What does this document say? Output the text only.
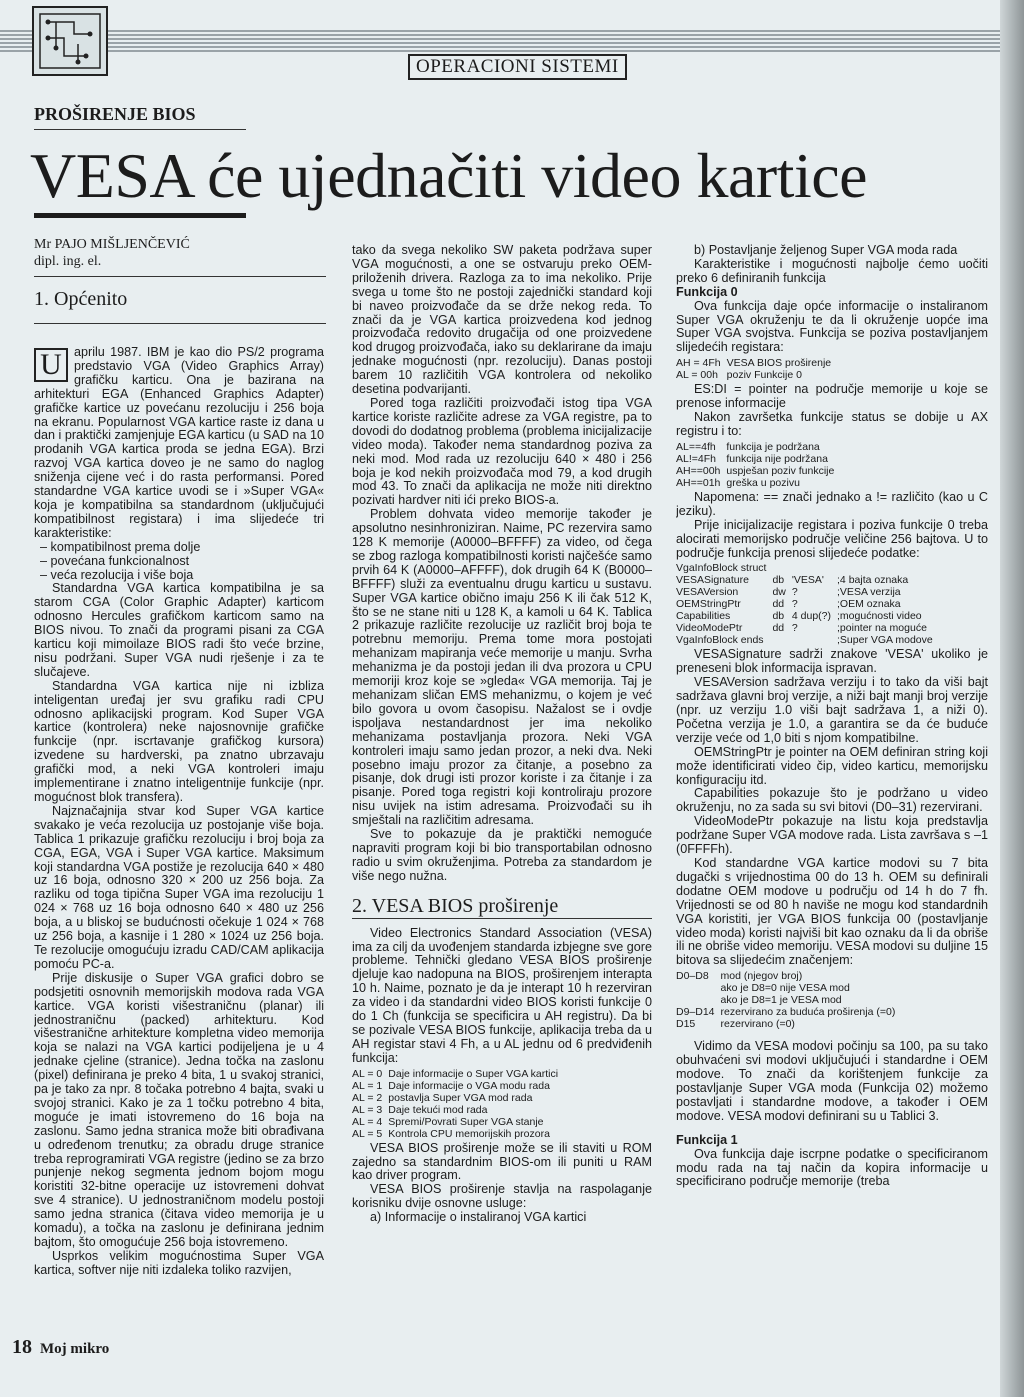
OPERACIONI SISTEMI
PROŠIRENJE BIOS
VESA će ujednačiti video kartice
Mr PAJO MIŠLJENČEVIĆ
dipl. ing. el.
1. Općenito
U aprilu 1987. IBM je kao dio PS/2 programa predstavio VGA (Video Graphics Array) grafičku karticu. Ona je bazirana na arhitekturi EGA (Enhanced Graphics Adapter) grafičke kartice uz povećanu rezoluciju i 256 boja na ekranu. Popularnost VGA kartice raste iz dana u dan i praktički zamjenjuje EGA karticu (u SAD na 10 prodanih VGA kartica proda se jedna EGA). Brzi razvoj VGA kartica doveo je ne samo do naglog sniženja cijene već i do rasta performansi. Pored standardne VGA kartice uvodi se i »Super VGA« koja je kompatibilna sa standardnom (uključujući kompatibilnost registara) i ima slijedeće tri karakteristike:

– kompatibilnost prema dolje
– povećana funkcionalnost
– veća rezolucija i više boja

Standardna VGA kartica kompatibilna je sa starom CGA (Color Graphic Adapter) karticom odnosno Hercules grafičkom karticom samo na BIOS nivou. To znači da programi pisani za CGA karticu koji mimoilaze BIOS radi što veće brzine, nisu podržani. Super VGA nudi rješenje i za te slučajeve.

Standardna VGA kartica nije ni izbliza inteligentan uređaj jer svu grafiku radi CPU odnosno aplikacijski program. Kod Super VGA kartice (kontrolera) neke najosnovnije grafičke funkcije (npr. iscrtavanje grafičkog kursora) izvedene su hardverski, pa znatno ubrzavaju grafički mod, a neki VGA kontroleri imaju implementirane i znatno inteligentnije funkcije (npr. mogućnost blok transfera).

Najznačajnija stvar kod Super VGA kartice svakako je veća rezolucija uz postojanje više boja. Tablica 1 prikazuje grafičku rezoluciju i broj boja za CGA, EGA, VGA i Super VGA kartice. Maksimum koji standardna VGA postiže je rezolucija 640 × 480 uz 16 boja, odnosno 320 × 200 uz 256 boja. Za razliku od toga tipična Super VGA ima rezoluciju 1 024 × 768 uz 16 boja odnosno 640 × 480 uz 256 boja, a u bliskoj se budućnosti očekuje 1 024 × 768 uz 256 boja, a kasnije i 1 280 × 1024 uz 256 boja. Te rezolucije omogućuju izradu CAD/CAM aplikacija pomoću PC-a.

Prije diskusije o Super VGA grafici dobro se podsjetiti osnovnih memorijskih modova rada VGA kartice. VGA koristi višestraničnu (planar) ili jednostraničnu (packed) arhitekturu. Kod višestranične arhitekture kompletna video memorija koja se nalazi na VGA kartici podijeljena je u 4 jednake cjeline (stranice). Jedna točka na zaslonu (pixel) definirana je preko 4 bita, 1 u svakoj stranici, pa je tako za npr. 8 točaka potrebno 4 bajta, svaki u svojoj stranici. Kako je za 1 točku potrebno 4 bita, moguće je imati istovremeno do 16 boja na zaslonu. Samo jedna stranica može biti obrađivana u određenom trenutku; za obradu druge stranice treba reprogramirati VGA registre (jedino se za brzo punjenje nekog segmenta jednom bojom mogu koristiti 32-bitne operacije uz istovremeni dohvat sve 4 stranice). U jednostraničnom modelu postoji samo jedna stranica (čitava video memorija je u komadu), a točka na zaslonu je definirana jednim bajtom, što omogućuje 256 boja istovremeno.

Usprkos velikim mogućnostima Super VGA kartica, softver nije niti izdaleka toliko razvijen,

tako da svega nekoliko SW paketa podržava super VGA mogućnosti, a one se ostvaruju preko OEM-priloženih drivera. Razloga za to ima nekoliko. Prije svega u tome što ne postoji zajednički standard koji bi naveo proizvođače da se drže nekog reda. To znači da je VGA kartica proizvedena kod jednog proizvođača redovito drugačija od one proizvedene kod drugog proizvođača, iako su deklarirane da imaju jednake mogućnosti (npr. rezoluciju). Danas postoji barem 10 različitih VGA kontrolera od nekoliko desetina podvarijanti.

Pored toga različiti proizvođači istog tipa VGA kartice koriste različite adrese za VGA registre, pa to dovodi do dodatnog problema (problema inicijalizacije video moda). Također nema standardnog poziva za neki mod. Mod rada uz rezoluciju 640 × 480 i 256 boja je kod nekih proizvođača mod 79, a kod drugih mod 43. To znači da aplikacija ne može niti direktno pozivati hardver niti ići preko BIOS-a.

Problem dohvata video memorije također je apsolutno nesinhroniziran. Naime, PC rezervira samo 128 K memorije (A0000–BFFFF) za video, od čega se zbog razloga kompatibilnosti koristi najčešće samo prvih 64 K (A0000–AFFFF), dok drugih 64 K (B0000–BFFFF) služi za eventualnu drugu karticu u sustavu. Super VGA kartice obično imaju 256 K ili čak 512 K, što se ne stane niti u 128 K, a kamoli u 64 K. Tablica 2 prikazuje različite rezolucije uz različit broj boja te potrebnu memoriju. Prema tome mora postojati mehanizam mapiranja veće memorije u manju. Svrha mehanizma je da postoji jedan ili dva prozora u CPU memoriji kroz koje se »gleda« VGA memorija. Taj je mehanizam sličan EMS mehanizmu, o kojem je već bilo govora u ovom časopisu. Nažalost se i ovdje ispoljava nestandardnost jer ima nekoliko mehanizama postavljanja prozora. Neki VGA kontroleri imaju samo jedan prozor, a neki dva. Neki posebno imaju prozor za čitanje, a posebno za pisanje, dok drugi isti prozor koriste i za čitanje i za pisanje. Pored toga registri koji kontroliraju prozore nisu uvijek na istim adresama. Proizvođači su ih smještali na različitim adresama.

Sve to pokazuje da je praktički nemoguće napraviti program koji bi bio transportabilan odnosno radio u svim okruženjima. Potreba za standardom je više nego nužna.

2. VESA BIOS proširenje

Video Electronics Standard Association (VESA) ima za cilj da uvođenjem standarda izbjegne sve gore probleme. Tehnički gledano VESA BIOS proširenje djeluje kao nadopuna na BIOS, proširenjem interapta 10 h. Naime, poznato je da je interapt 10 h rezerviran za video i da standardni video BIOS koristi funkcije 0 do 1 Ch (funkcija se specificira u AH registru). Da bi se pozivale VESA BIOS funkcije, aplikacija treba da u AH registar stavi 4 Fh, a u AL jednu od 6 predviđenih funkcija:

AL = 0	Daje informacije o Super VGA kartici
AL = 1	Daje informacije o VGA modu rada
AL = 2	postavlja Super VGA mod rada
AL = 3	Daje tekući mod rada
AL = 4	Spremi/Povrati Super VGA stanje
AL = 5	Kontrola CPU memorijskih prozora

VESA BIOS proširenje može se ili staviti u ROM zajedno sa standardnim BIOS-om ili puniti u RAM kao driver program.

VESA BIOS proširenje stavlja na raspolaganje korisniku dvije osnovne usluge:

a) Informacije o instaliranoj VGA kartici

b) Postavljanje željenog Super VGA moda rada

Karakteristike i mogućnosti najbolje ćemo uočiti preko 6 definiranih funkcija

Funkcija 0

Ova funkcija daje opće informacije o instaliranom Super VGA okruženju te da li okruženje uopće ima Super VGA svojstva. Funkcija se poziva postavljanjem slijedećih registara:

AH = 4Fh	VESA BIOS proširenje
AL = 00h	poziv Funkcije 0

ES:DI = pointer na područje memorije u koje se prenose informacije

Nakon završetka funkcije status se dobije u AX registru i to:

AL==4fh	funkcija je podržana
AL!=4Fh	funkcija nije podržana
AH==00h	uspješan poziv funkcije
AH==01h	greška u pozivu

Napomena: == znači jednako a != različito (kao u C jeziku).

Prije inicijalizacije registara i poziva funkcije 0 treba alocirati memorijsko područje veličine 256 bajtova. U to područje funkcija prenosi slijedeće podatke:

VgaInfoBlock struct			
VESASignature	db	'VESA'	;4 bajta oznaka
VESAVersion	dw	?	;VESA verzija
OEMStringPtr	dd	?	;OEM oznaka
Capabilities	db	4 dup(?)	;mogućnosti video
VideoModePtr	dd	?	;pointer na moguće
VgaInfoBlock ends			;Super VGA modove

VESASignature sadrži znakove 'VESA' ukoliko je preneseni blok informacija ispravan.

VESAVersion sadržava verziju i to tako da viši bajt sadržava glavni broj verzije, a niži bajt manji broj verzije (npr. uz verziju 1.0 viši bajt sadržava 1, a niži 0). Početna verzija je 1.0, a garantira se da će buduće verzije veće od 1,0 biti s njom kompatibilne.

OEMStringPtr je pointer na OEM definiran string koji može identificirati video čip, video karticu, memorijsku konfiguraciju itd.

Capabilities pokazuje što je podržano u video okruženju, no za sada su svi bitovi (D0–31) rezervirani.

VideoModePtr pokazuje na listu koja predstavlja podržane Super VGA modove rada. Lista završava s –1 (0FFFFh).

Kod standardne VGA kartice modovi su 7 bita dugački s vrijednostima 00 do 13 h. OEM su definirali dodatne OEM modove u području od 14 h do 7 fh. Vrijednosti se od 80 h naviše ne mogu kod standardnih VGA koristiti, jer VGA BIOS funkcija 00 (postavljanje video moda) koristi najviši bit kao oznaku da li da obriše ili ne obriše video memoriju. VESA modovi su duljine 15 bitova sa slijedećim značenjem:

D0–D8	mod (njegov broj)
	ako je D8=0 nije VESA mod
	ako je D8=1 je VESA mod
D9–D14	rezervirano za buduća proširenja (=0)
D15	rezervirano (=0)

Vidimo da VESA modovi počinju sa 100, pa su tako obuhvaćeni svi modovi uključujući i standardne i OEM modove. To znači da korištenjem funkcije za postavljanje Super VGA moda (Funkcija 02) možemo postavljati i standardne modove, a također i OEM modove. VESA modovi definirani su u Tablici 3.

Funkcija 1

Ova funkcija daje iscrpne podatke o specificiranom modu rada na taj način da kopira informacije u specificirano područje memorije (treba

18 Moj mikro
